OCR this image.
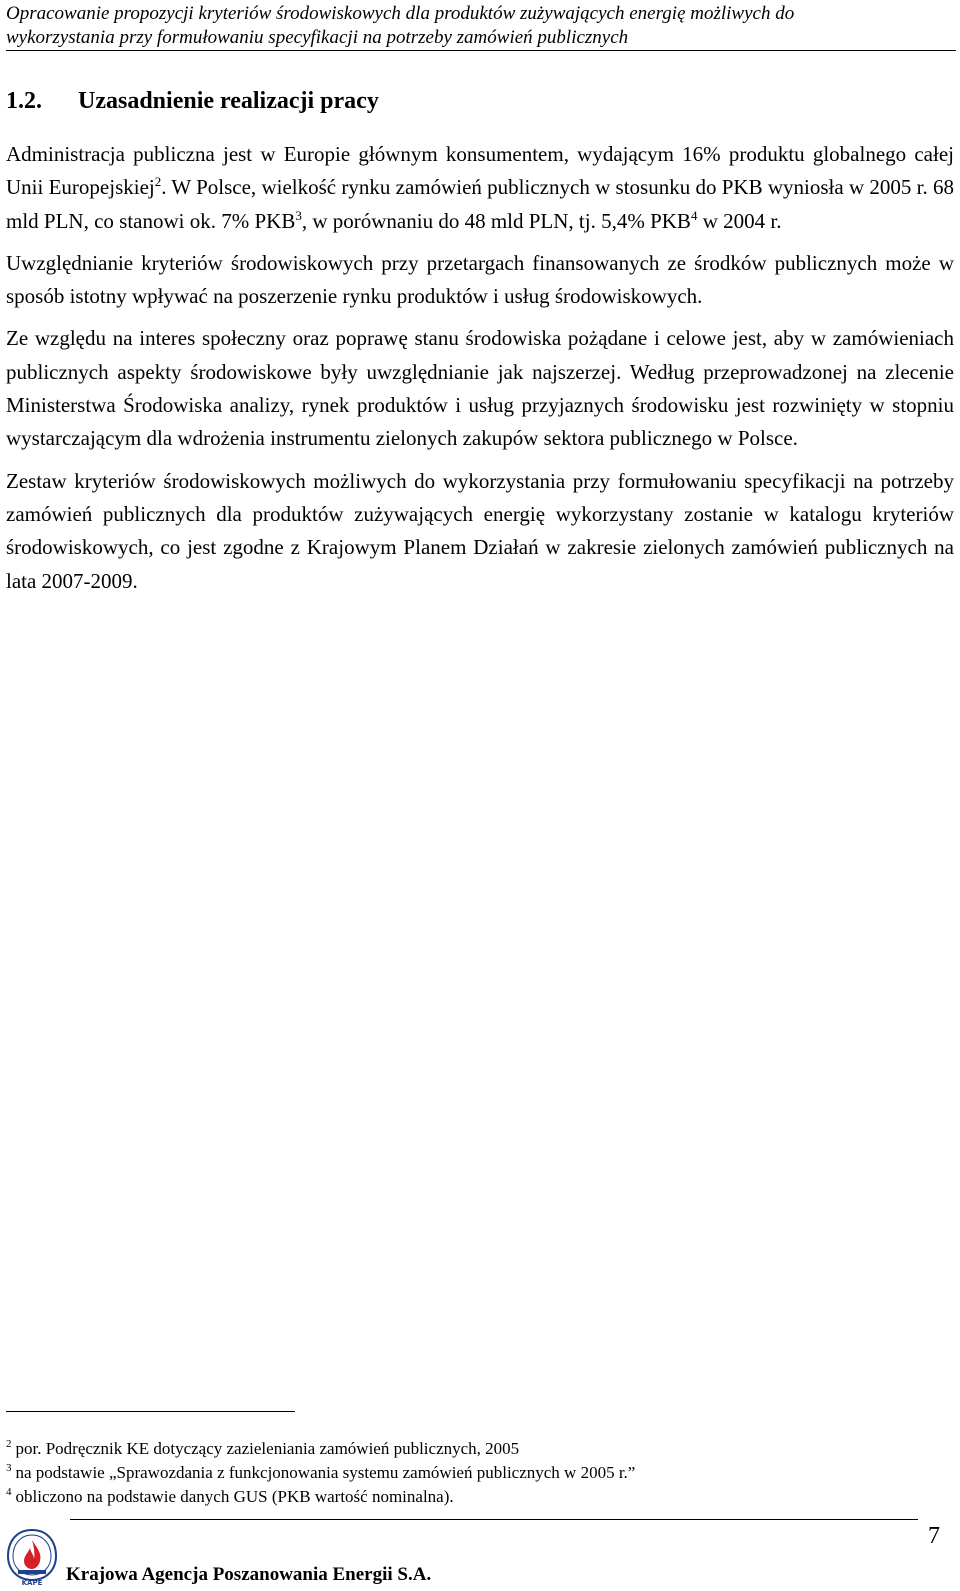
Opracowanie propozycji kryteriów środowiskowych dla produktów zużywających energię możliwych do
wykorzystania przy formułowaniu specyfikacji na potrzeby zamówień publicznych
1.2. Uzasadnienie realizacji pracy

Administracja publiczna jest w Europie głównym konsumentem, wydającym 16% produktu globalnego całej Unii Europejskiej$^2$. W Polsce, wielkość rynku zamówień publicznych w stosunku do PKB wyniosła w 2005 r. 68 mld PLN, co stanowi ok. 7% PKB$^3$, w porównaniu do 48 mld PLN, tj. 5,4% PKB$^4$ w 2004 r.

Uwzględnianie kryteriów środowiskowych przy przetargach finansowanych ze środków publicznych może w sposób istotny wpływać na poszerzenie rynku produktów i usług środowiskowych.

Ze względu na interes społeczny oraz poprawę stanu środowiska pożądane i celowe jest, aby w zamówieniach publicznych aspekty środowiskowe były uwzględnianie jak najszerzej. Według przeprowadzonej na zlecenie Ministerstwa Środowiska analizy, rynek produktów i usług przyjaznych środowisku jest rozwinięty w stopniu wystarczającym dla wdrożenia instrumentu zielonych zakupów sektora publicznego w Polsce.

Zestaw kryteriów środowiskowych możliwych do wykorzystania przy formułowaniu specyfikacji na potrzeby zamówień publicznych dla produktów zużywających energię wykorzystany zostanie w katalogu kryteriów środowiskowych, co jest zgodne z Krajowym Planem Działań w zakresie zielonych zamówień publicznych na lata 2007-2009.

$^2$ por. Podręcznik KE dotyczący zazieleniania zamówień publicznych, 2005
$^3$ na podstawie „Sprawozdania z funkcjonowania systemu zamówień publicznych w 2005 r.”
$^4$ obliczono na podstawie danych GUS (PKB wartość nominalna).
7
KAPE Krajowa Agencja Poszanowania Energii S.A.
